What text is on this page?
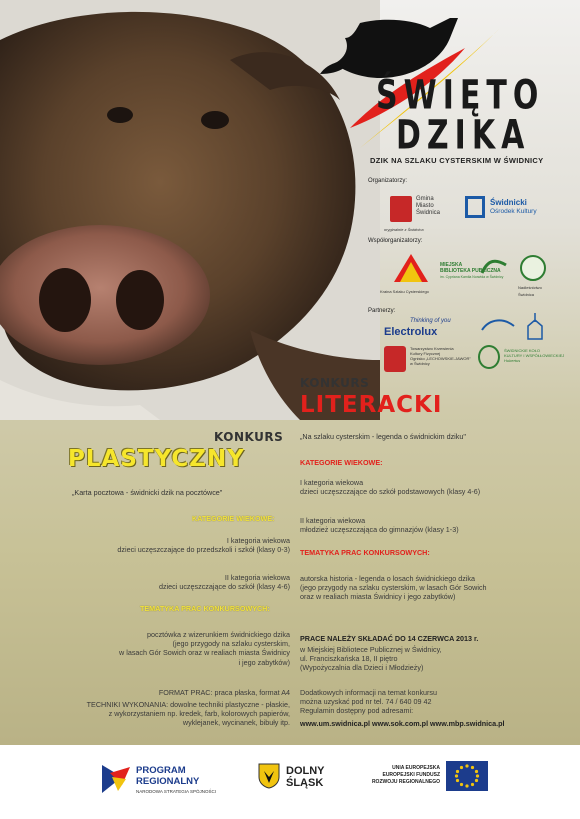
ŚWIĘTO
DZIKA
DZIK NA SZLAKU CYSTERSKIM W ŚWIDNICY
Organizatorzy:
Gmina
Miasto
Świdnica
oryginalnie z Świdnica
Świdnicki
Ośrodek Kultury
Współorganizatorzy:
Kraina Szlaku Cysterskiego
MIEJSKA
BIBLIOTEKA PUBLICZNA
im. Cypriana Kamila Norwida w Świdnicy
Nadleśnictwo
Świdnica
Partnerzy:
Thinking of you
Electrolux
Towarzystwo Krzewienia
Kultury Fizycznej
Ognisko „LECHOWSKIE-JAWOR"
w Świdnicy
ŚWIDNICKIE KOŁO
KULTURY I WSPÓŁŁOWIECKIEJ
Hubertus
KONKURS
LITERACKI
„Na szlaku cysterskim - legenda o świdnickim dziku"
KATEGORIE WIEKOWE:
I kategoria wiekowa
dzieci uczęszczające do szkół podstawowych (klasy 4-6)
II kategoria wiekowa
młodzież uczęszczająca do gimnazjów (klasy 1-3)
TEMATYKA PRAC KONKURSOWYCH:
autorska historia - legenda o losach świdnickiego dzika
(jego przygody na szlaku cysterskim, w lasach Gór Sowich
oraz w realiach miasta Świdnicy i jego zabytków)
PRACE NALEŻY SKŁADAĆ DO 14 CZERWCA 2013 r.
w Miejskiej Bibliotece Publicznej w Świdnicy,
ul. Franciszkańska 18, II piętro
(Wypożyczalnia dla Dzieci i Młodzieży)
Dodatkowych informacji na temat konkursu
można uzyskać pod nr tel. 74 / 640 09 42
Regulamin dostępny pod adresami:
www.um.swidnica.pl www.sok.com.pl www.mbp.swidnica.pl
KONKURS
PLASTYCZNY
„Karta pocztowa - świdnicki dzik na pocztówce"
KATEGORIE WIEKOWE:
I kategoria wiekowa
dzieci uczęszczające do przedszkoli i szkół (klasy 0-3)
II kategoria wiekowa
dzieci uczęszczające do szkół (klasy 4-6)
TEMATYKA PRAC KONKURSOWYCH:
pocztówka z wizerunkiem świdnickiego dzika
(jego przygody na szlaku cysterskim,
w lasach Gór Sowich oraz w realiach miasta Świdnicy
i jego zabytków)
FORMAT PRAC: praca płaska, format A4
TECHNIKI WYKONANIA: dowolne techniki plastyczne - płaskie,
z wykorzystaniem np. kredek, farb, kolorowych papierów,
wyklejanek, wycinanek, bibuły itp.
PROGRAM
REGIONALNY
NARODOWA STRATEGIA SPÓJNOŚCI
DOLNY
ŚLĄSK
UNIA EUROPEJSKA
EUROPEJSKI FUNDUSZ
ROZWOJU REGIONALNEGO
